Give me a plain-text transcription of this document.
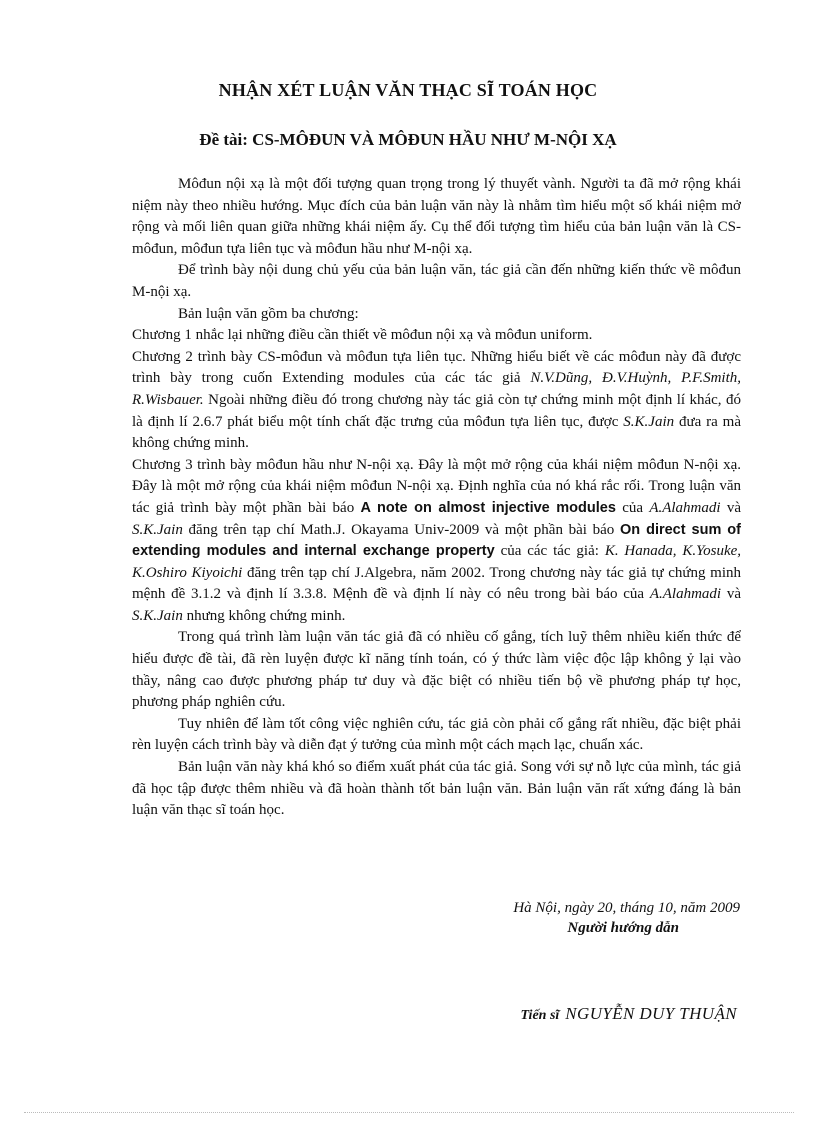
NHẬN XÉT LUẬN VĂN THẠC SĨ TOÁN HỌC
Đề tài: CS-MÔĐUN VÀ MÔĐUN HẦU NHƯ M-NỘI XẠ

Môđun nội xạ là một đối tượng quan trọng trong lý thuyết vành. Người ta đã mở rộng khái niệm này theo nhiều hướng. Mục đích của bản luận văn này là nhằm tìm hiểu một số khái niệm mở rộng và mối liên quan giữa những khái niệm ấy. Cụ thể đối tượng tìm hiểu của bản luận văn là CS-môđun, môđun tựa liên tục và môđun hầu như M-nội xạ.

Để trình bày nội dung chủ yếu của bản luận văn, tác giả cần đến những kiến thức về môđun M-nội xạ.

Bản luận văn gồm ba chương:

Chương 1 nhắc lại những điều cần thiết về môđun nội xạ và môđun uniform.

Chương 2 trình bày CS-môđun và môđun tựa liên tục. Những hiểu biết về các môđun này đã được trình bày trong cuốn Extending modules của các tác giả N.V.Dũng, Đ.V.Huỳnh, P.F.Smith, R.Wisbauer. Ngoài những điều đó trong chương này tác giả còn tự chứng minh một định lí khác, đó là định lí 2.6.7 phát biểu một tính chất đặc trưng của môđun tựa liên tục, được S.K.Jain đưa ra mà không chứng minh.

Chương 3 trình bày môđun hầu như N-nội xạ. Đây là một mở rộng của khái niệm môđun N-nội xạ. Đây là một mở rộng của khái niệm môđun N-nội xạ. Định nghĩa của nó khá rắc rối. Trong luận văn tác giả trình bày một phần bài báo A note on almost injective modules của A.Alahmadi và S.K.Jain đăng trên tạp chí Math.J. Okayama Univ-2009 và một phần bài báo On direct sum of extending modules and internal exchange property của các tác giả: K. Hanada, K.Yosuke, K.Oshiro Kiyoichi đăng trên tạp chí J.Algebra, năm 2002. Trong chương này tác giả tự chứng minh mệnh đề 3.1.2 và định lí 3.3.8. Mệnh đề và định lí này có nêu trong bài báo của A.Alahmadi và S.K.Jain nhưng không chứng minh.

Trong quá trình làm luận văn tác giả đã có nhiều cố gắng, tích luỹ thêm nhiều kiến thức để hiểu được đề tài, đã rèn luyện được kĩ năng tính toán, có ý thức làm việc độc lập không ỷ lại vào thầy, nâng cao được phương pháp tư duy và đặc biệt có nhiều tiến bộ về phương pháp tự học, phương pháp nghiên cứu.

Tuy nhiên để làm tốt công việc nghiên cứu, tác giả còn phải cố gắng rất nhiều, đặc biệt phải rèn luyện cách trình bày và diễn đạt ý tưởng của mình một cách mạch lạc, chuẩn xác.

Bản luận văn này khá khó so điểm xuất phát của tác giả. Song với sự nỗ lực của mình, tác giả đã học tập được thêm nhiều và đã hoàn thành tốt bản luận văn. Bản luận văn rất xứng đáng là bản luận văn thạc sĩ toán học.

Hà Nội, ngày 20, tháng 10, năm 2009
Người hướng dẫn
Tiến sĩ NGUYỄN DUY THUẬN
